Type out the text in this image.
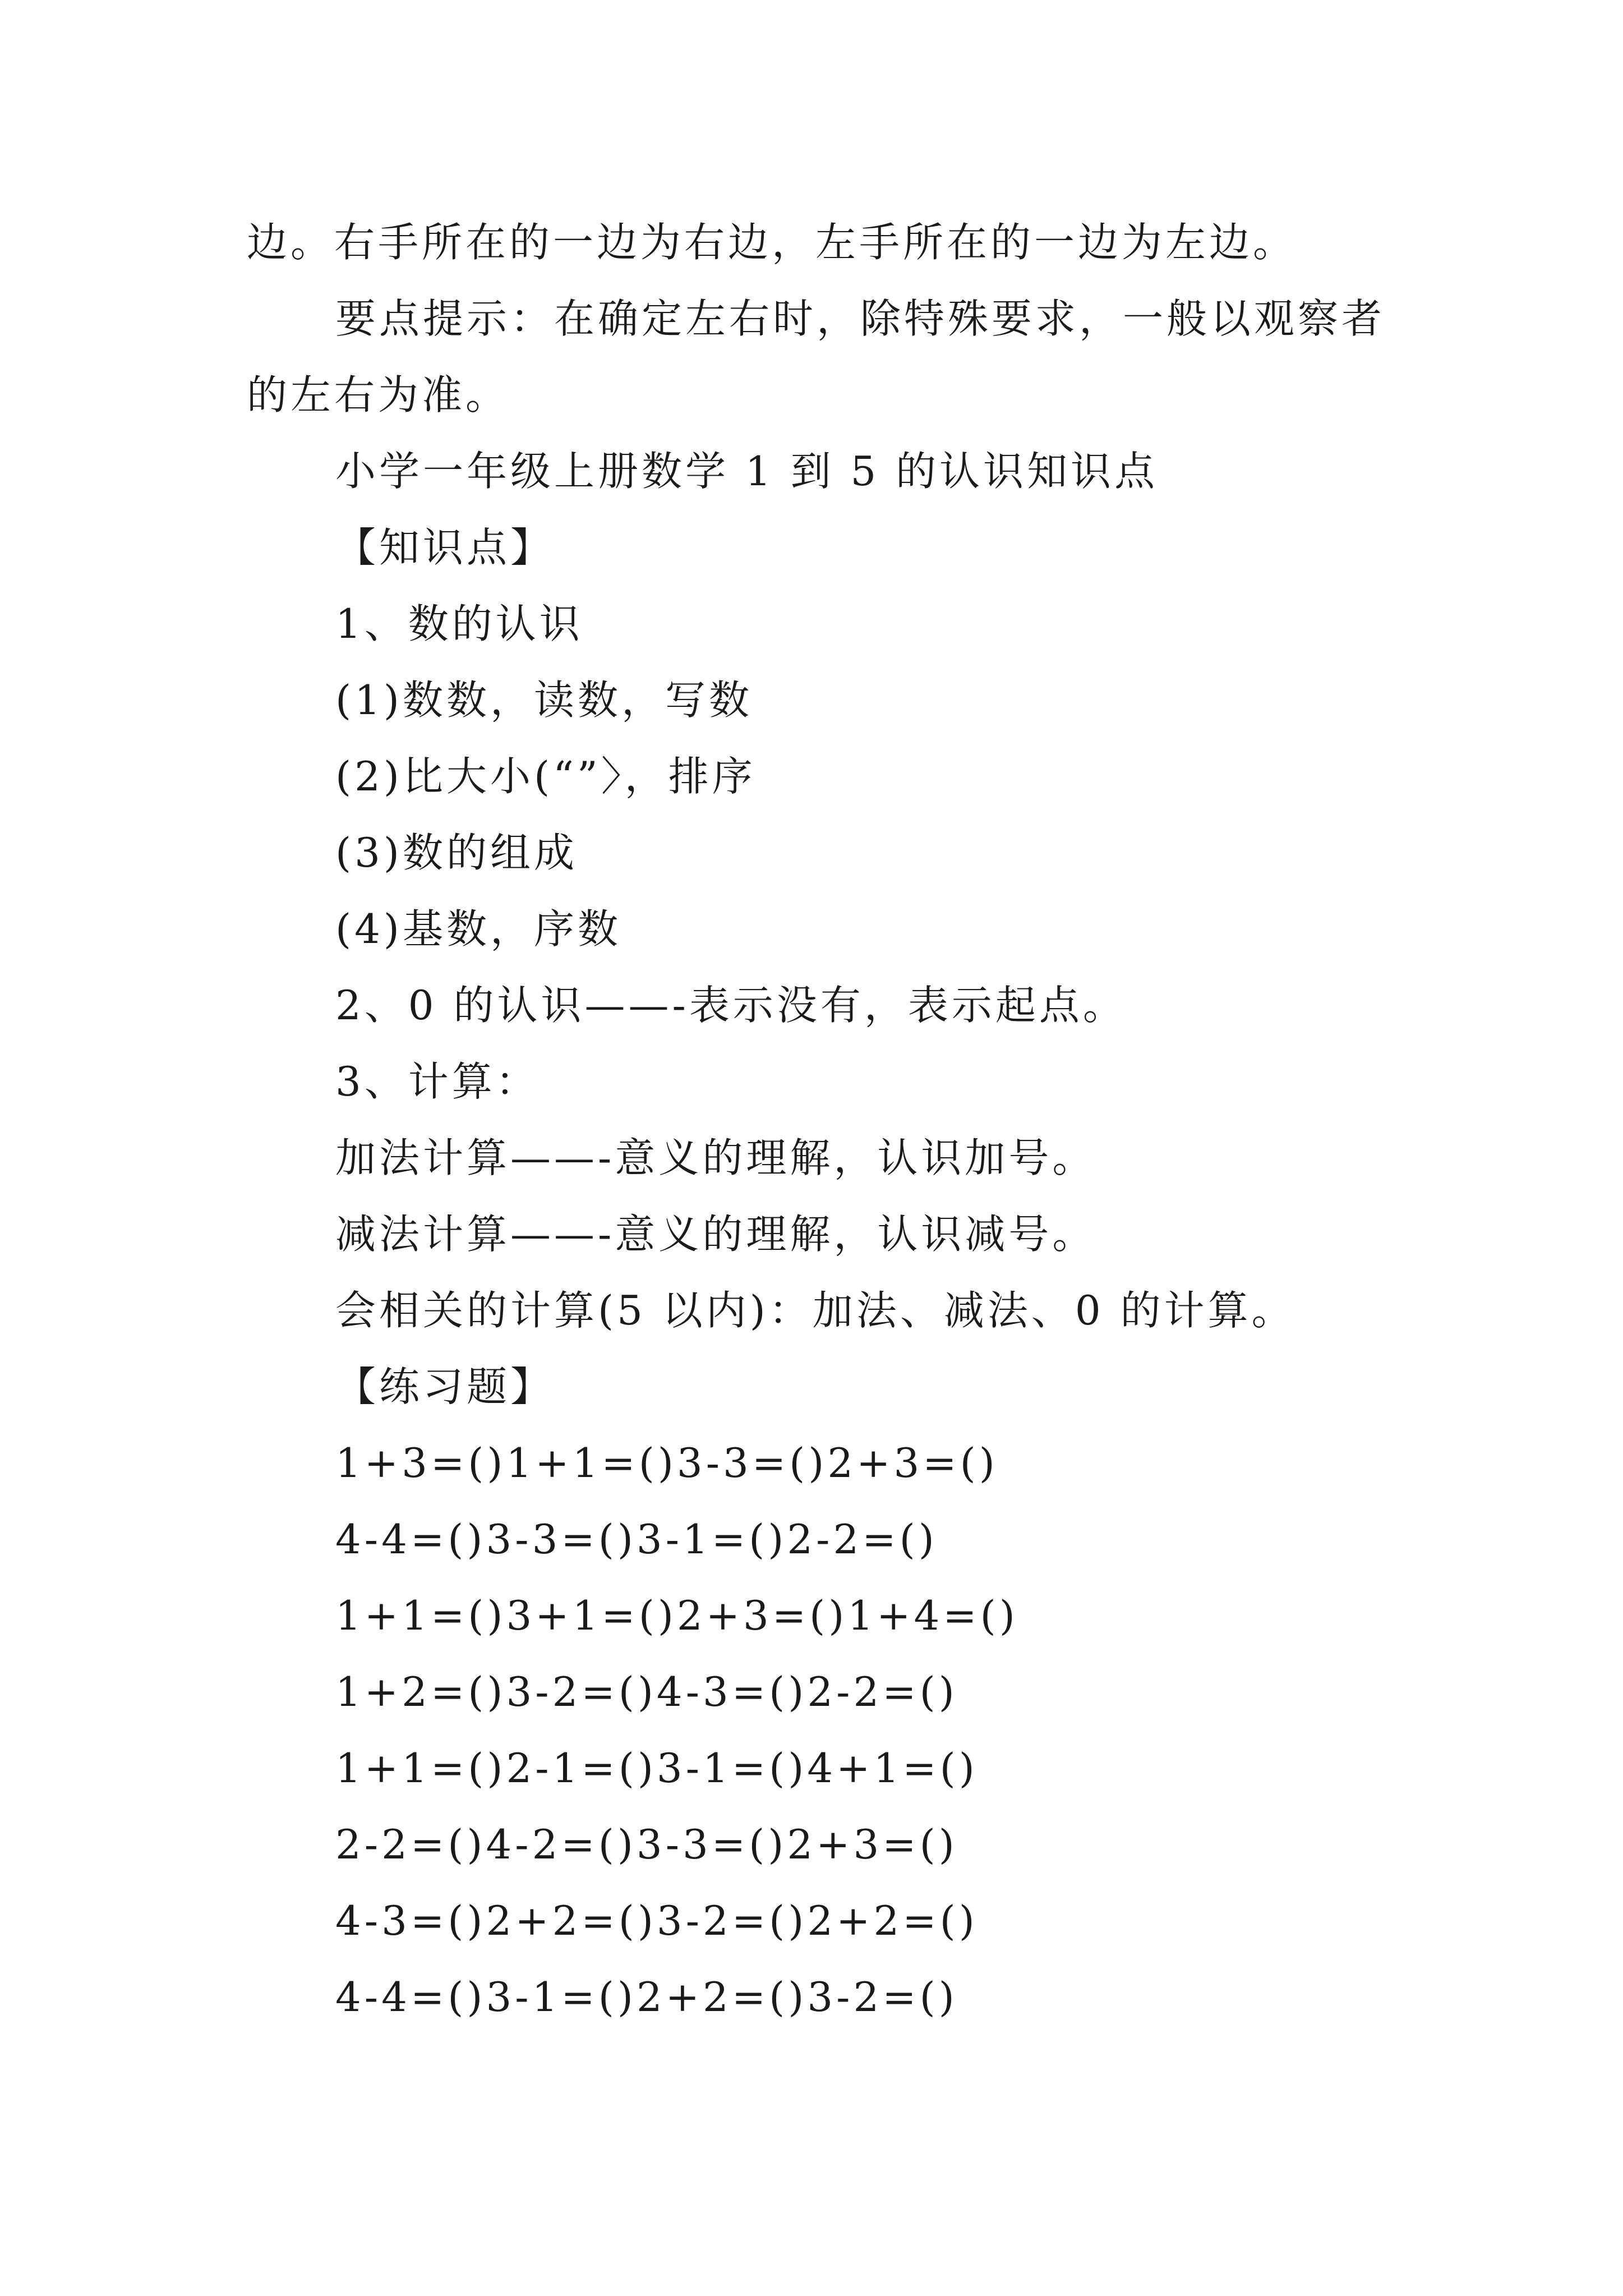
边。右手所在的一边为右边，左手所在的一边为左边。

要点提示：在确定左右时，除特殊要求，一般以观察者

的左右为准。

小学一年级上册数学 1 到 5 的认识知识点

【知识点】

1、数的认识

(1)数数，读数，写数

(2)比大小(“”〉，排序

(3)数的组成

(4)基数，序数

2、0 的认识——-表示没有，表示起点。

3、计算：

加法计算——-意义的理解，认识加号。

减法计算——-意义的理解，认识减号。

会相关的计算(5 以内)：加法、减法、0 的计算。

【练习题】

1+3=()1+1=()3-3=()2+3=()

4-4=()3-3=()3-1=()2-2=()

1+1=()3+1=()2+3=()1+4=()

1+2=()3-2=()4-3=()2-2=()

1+1=()2-1=()3-1=()4+1=()

2-2=()4-2=()3-3=()2+3=()

4-3=()2+2=()3-2=()2+2=()

4-4=()3-1=()2+2=()3-2=()
